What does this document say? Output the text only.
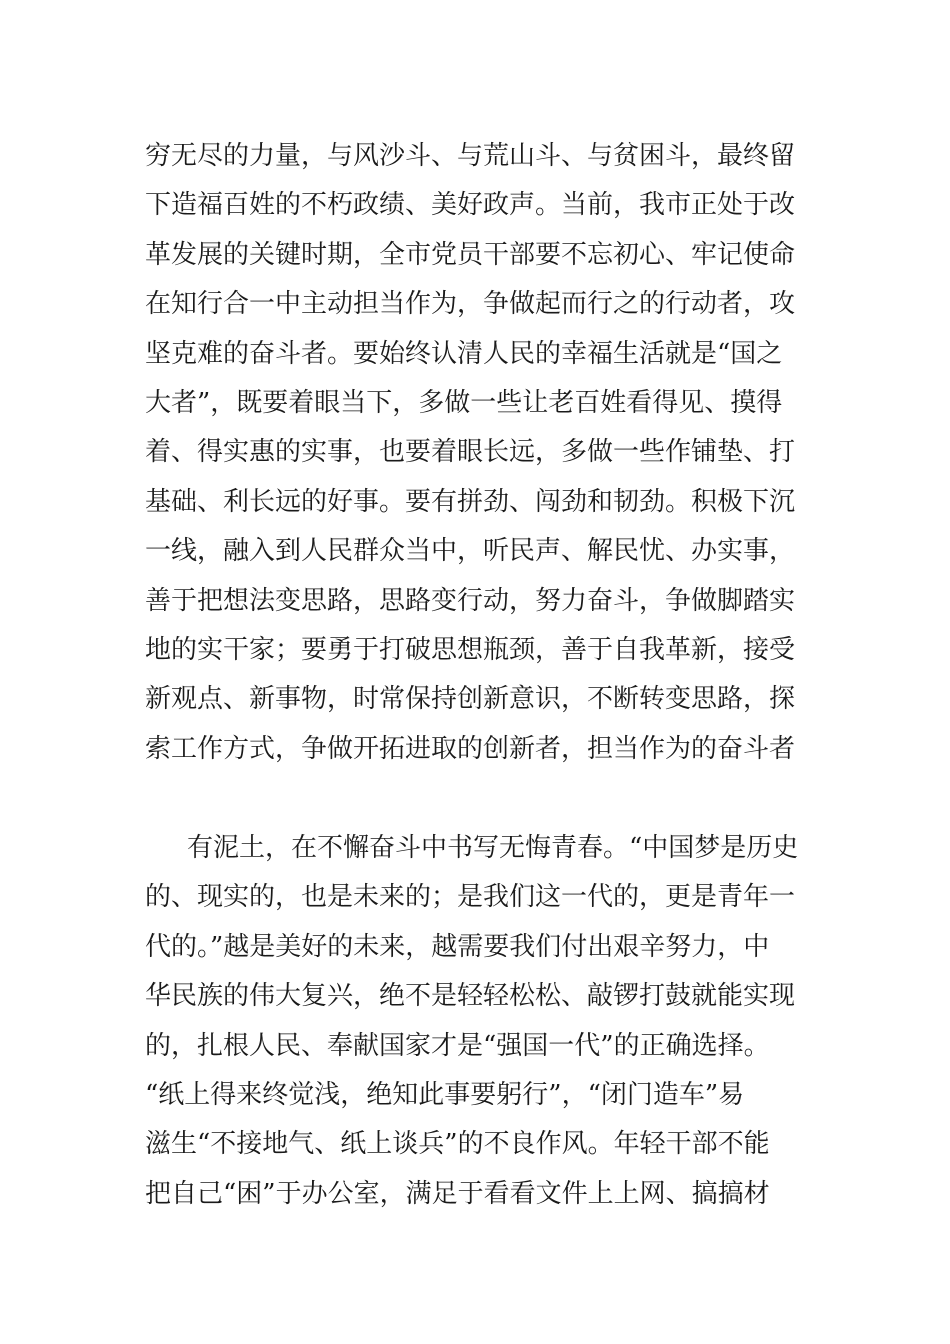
穷无尽的力量，与风沙斗、与荒山斗、与贫困斗，最终留
下造福百姓的不朽政绩、美好政声。当前，我市正处于改
革发展的关键时期，全市党员干部要不忘初心、牢记使命
在知行合一中主动担当作为，争做起而行之的行动者，攻
坚克难的奋斗者。要始终认清人民的幸福生活就是“国之
大者”，既要着眼当下，多做一些让老百姓看得见、摸得
着、得实惠的实事，也要着眼长远，多做一些作铺垫、打
基础、利长远的好事。要有拼劲、闯劲和韧劲。积极下沉
一线，融入到人民群众当中，听民声、解民忧、办实事，
善于把想法变思路，思路变行动，努力奋斗，争做脚踏实
地的实干家；要勇于打破思想瓶颈，善于自我革新，接受
新观点、新事物，时常保持创新意识，不断转变思路，探
索工作方式，争做开拓进取的创新者，担当作为的奋斗者
有泥土，在不懈奋斗中书写无悔青春。“中国梦是历史
的、现实的，也是未来的；是我们这一代的，更是青年一
代的。”越是美好的未来，越需要我们付出艰辛努力，中
华民族的伟大复兴，绝不是轻轻松松、敲锣打鼓就能实现
的，扎根人民、奉献国家才是“强国一代”的正确选择。
“纸上得来终觉浅，绝知此事要躬行”，“闭门造车”易
滋生“不接地气、纸上谈兵”的不良作风。年轻干部不能
把自己“困”于办公室，满足于看看文件上上网、搞搞材
